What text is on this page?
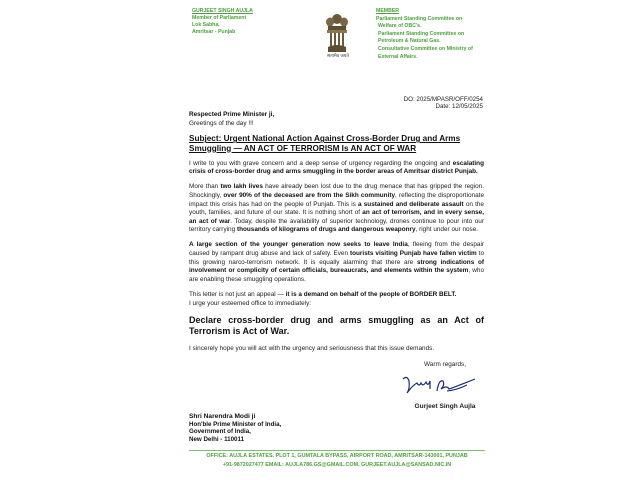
GURJEET SINGH AUJLA
Member of Parliament
Lok Sabha,
Amritsar - Punjab
सत्यमेव जयते
MEMBER
Parliament Standing Committee on
Welfare of OBC's.
Parliament Standing Committee on
Petroleum & Natural Gas.
Consultative Committee on Ministry of
External Affairs.
DO: 2025/MPASR/OFF/0254
Date: 12/05/2025
Respected Prime Minister ji,
Greetings of the day !!!
Subject: Urgent National Action Against Cross-Border Drug and Arms Smuggling — AN ACT OF TERRORISM Is AN ACT OF WAR
I write to you with grave concern and a deep sense of urgency regarding the ongoing and escalating crisis of cross-border drug and arms smuggling in the border areas of Amritsar district Punjab.
More than two lakh lives have already been lost due to the drug menace that has gripped the region. Shockingly, over 90% of the deceased are from the Sikh community, reflecting the disproportionate impact this crisis has had on the people of Punjab. This is a sustained and deliberate assault on the youth, families, and future of our state. It is nothing short of an act of terrorism, and in every sense, an act of war. Today, despite the availability of superior technology, drones continue to pour into our territory carrying thousands of kilograms of drugs and dangerous weaponry, right under our nose.
A large section of the younger generation now seeks to leave India, fleeing from the despair caused by rampant drug abuse and lack of safety. Even tourists visiting Punjab have fallen victim to this growing narco-terrorism network. It is equally alarming that there are strong indications of involvement or complicity of certain officials, bureaucrats, and elements within the system, who are enabling these smuggling operations.
This letter is not just an appeal — it is a demand on behalf of the people of BORDER BELT.
I urge your esteemed office to immediately:
Declare cross-border drug and arms smuggling as an Act of Terrorism is Act of War.
I sincerely hope you will act with the urgency and seriousness that this issue demands.
Warm regards,
Gurjeet Singh Aujla
Shri Narendra Modi ji
Hon'ble Prime Minister of India,
Government of India,
New Delhi - 110011
OFFICE: AUJLA ESTATES, PLOT 1, GUMTALA BYPASS, AIRPORT ROAD, AMRITSAR-143001, PUNJAB
+91-9872027477 EMAIL: AUJLA786.GS@GMAIL.COM, GURJEET.AUJLA@SANSAD.NIC.IN
